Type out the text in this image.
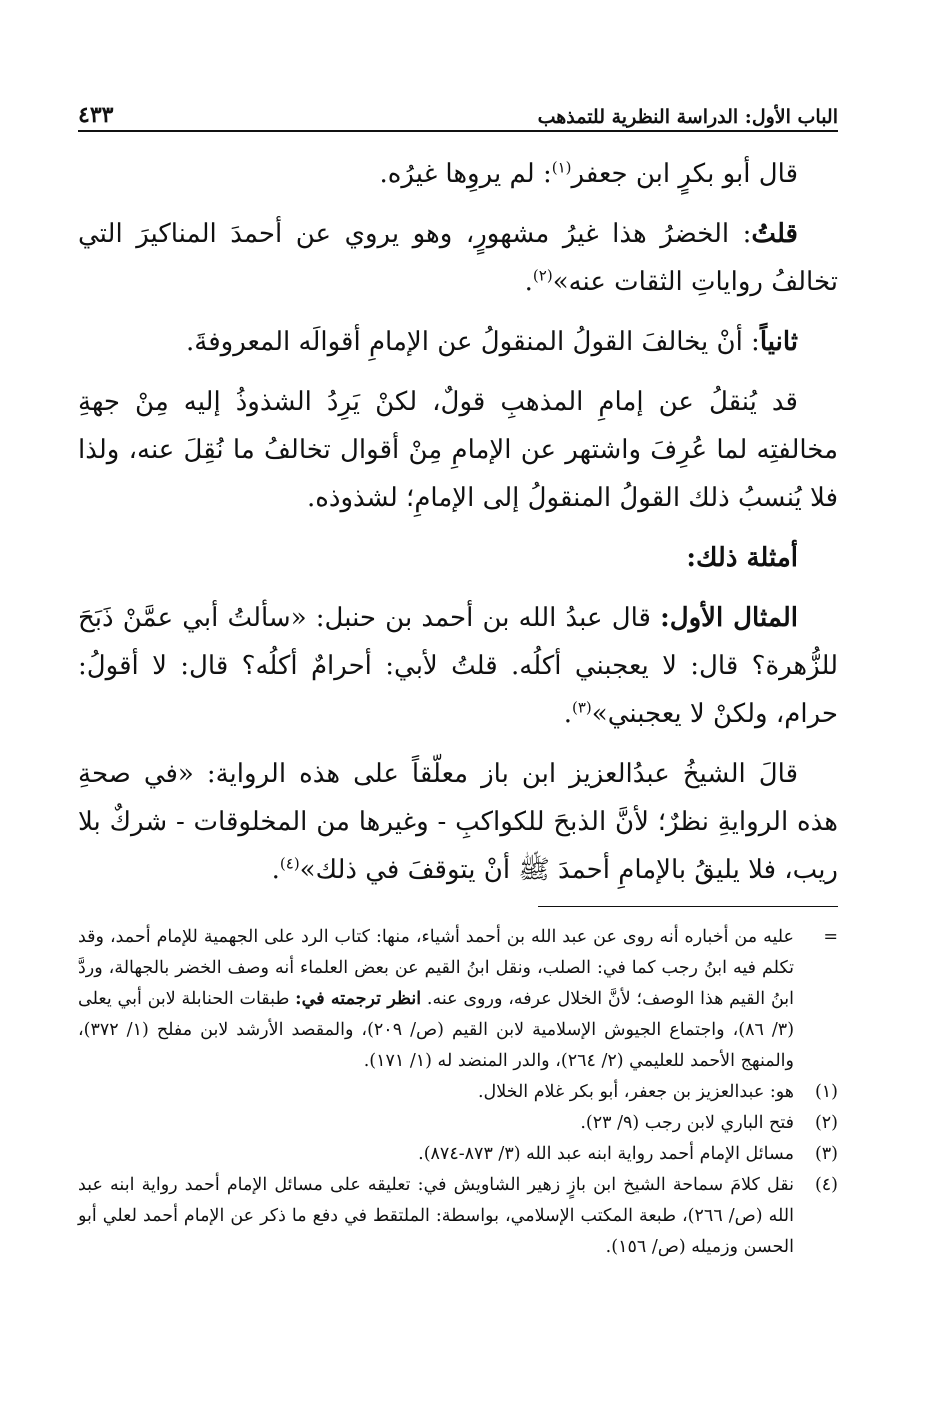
الباب الأول: الدراسة النظرية للتمذهب
٤٣٣

قال أبو بكرٍ ابن جعفر$^{(١)}$: لم يروِها غيرُه.

قلتُ: الخضرُ هذا غيرُ مشهورٍ، وهو يروي عن أحمدَ المناكيرَ التي تخالفُ رواياتِ الثقات عنه»$^{(٢)}$.

ثانياً: أنْ يخالفَ القولُ المنقولُ عن الإمامِ أقوالَه المعروفةَ.

قد يُنقلُ عن إمامِ المذهبِ قولٌ، لكنْ يَرِدُ الشذوذُ إليه مِنْ جهةِ مخالفتِه لما عُرِفَ واشتهر عن الإمامِ مِنْ أقوال تخالفُ ما نُقِلَ عنه، ولذا فلا يُنسبُ ذلك القولُ المنقولُ إلى الإمامِ؛ لشذوذه.

أمثلة ذلك:

المثال الأول: قال عبدُ الله بن أحمد بن حنبل: «سألتُ أبي عمَّنْ ذَبَحَ للزُّهرة؟ قال: لا يعجبني أكلُه. قلتُ لأبي: أحرامٌ أكلُه؟ قال: لا أقولُ: حرام، ولكنْ لا يعجبني»$^{(٣)}$.

قالَ الشيخُ عبدُالعزيز ابن باز معلّقاً على هذه الرواية: «في صحةِ هذه الروايةِ نظرٌ؛ لأنَّ الذبحَ للكواكبِ - وغيرها من المخلوقات - شركٌ بلا ريب، فلا يليقُ بالإمامِ أحمدَ ﷺ أنْ يتوقفَ في ذلك»$^{(٤)}$.

=
عليه من أخباره أنه روى عن عبد الله بن أحمد أشياء، منها: كتاب الرد على الجهمية للإمام أحمد، وقد تكلم فيه ابنُ رجب كما في: الصلب، ونقل ابنُ القيم عن بعض العلماء أنه وصف الخضر بالجهالة، وردَّ ابنُ القيم هذا الوصف؛ لأنَّ الخلال عرفه، وروى عنه. انظر ترجمته في: طبقات الحنابلة لابن أبي يعلى (٣/ ٨٦)، واجتماع الجيوش الإسلامية لابن القيم (ص/ ٢٠٩)، والمقصد الأرشد لابن مفلح (١/ ٣٧٢)، والمنهج الأحمد للعليمي (٢/ ٢٦٤)، والدر المنضد له (١/ ١٧١).
(١)
هو: عبدالعزيز بن جعفر، أبو بكر غلام الخلال.
(٢)
فتح الباري لابن رجب (٩/ ٢٣).
(٣)
مسائل الإمام أحمد رواية ابنه عبد الله (٣/ ٨٧٣-٨٧٤).
(٤)
نقل كلامَ سماحة الشيخ ابن بازٍ زهير الشاويش في: تعليقه على مسائل الإمام أحمد رواية ابنه عبد الله (ص/ ٢٦٦)، طبعة المكتب الإسلامي، بواسطة: الملتقط في دفع ما ذكر عن الإمام أحمد لعلي أبو الحسن وزميله (ص/ ١٥٦).
